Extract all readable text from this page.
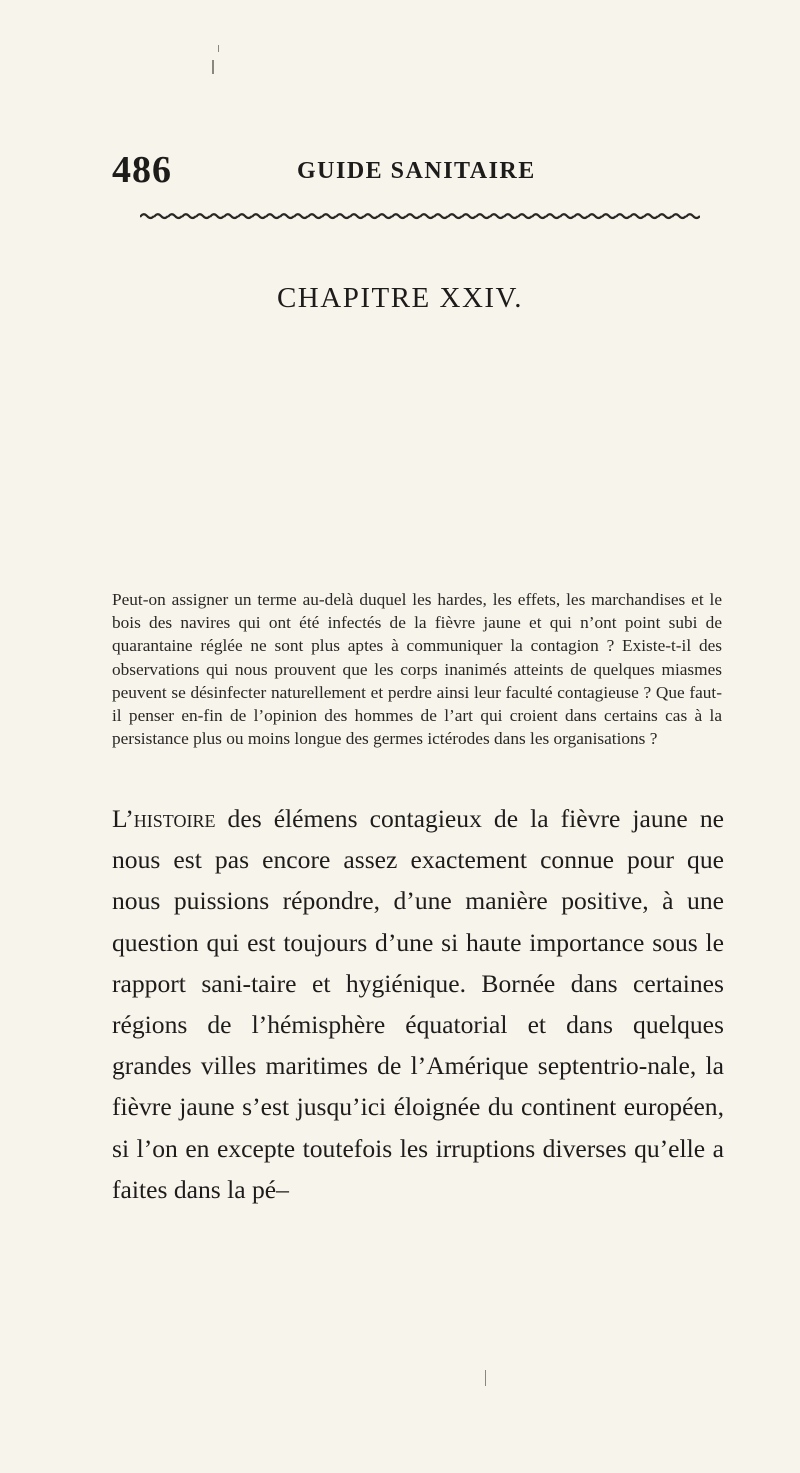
486	GUIDE SANITAIRE
CHAPITRE XXIV.

Peut-on assigner un terme au-delà duquel les hardes, les effets, les marchandises et le bois des navires qui ont été infectés de la fièvre jaune et qui n’ont point subi de quarantaine réglée ne sont plus aptes à communiquer la contagion ? Existe-t-il des observations qui nous prouvent que les corps inanimés atteints de quelques miasmes peuvent se désinfecter naturellement et perdre ainsi leur faculté contagieuse ? Que faut-il penser en-fin de l’opinion des hommes de l’art qui croient dans certains cas à la persistance plus ou moins longue des germes ictérodes dans les organisations ?

L’histoire des élémens contagieux de la fièvre jaune ne nous est pas encore assez exactement connue pour que nous puissions répondre, d’une manière positive, à une question qui est toujours d’une si haute importance sous le rapport sani-taire et hygiénique. Bornée dans certaines régions de l’hémisphère équatorial et dans quelques grandes villes maritimes de l’Amérique septentrio-nale, la fièvre jaune s’est jusqu’ici éloignée du continent européen, si l’on en excepte toutefois les irruptions diverses qu’elle a faites dans la pé–
